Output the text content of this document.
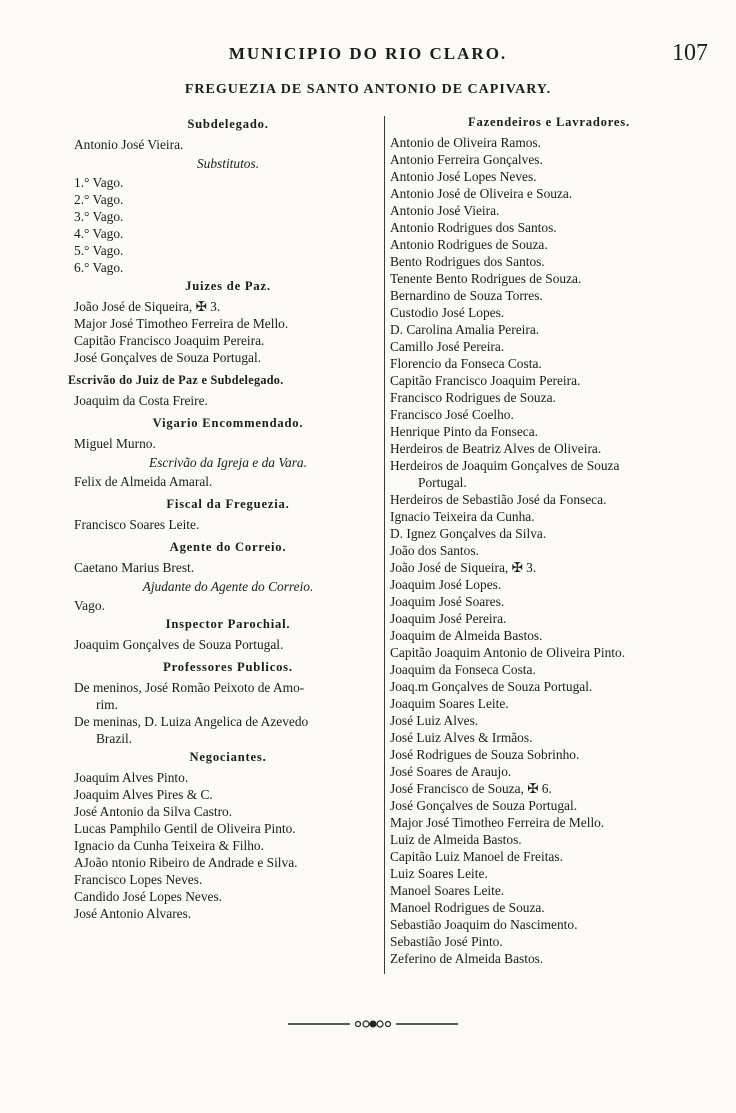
MUNICIPIO DO RIO CLARO.	107
FREGUEZIA DE SANTO ANTONIO DE CAPIVARY.
Subdelegado.
Antonio José Vieira.
Substitutos.
1.° Vago.
2.° Vago.
3.° Vago.
4.° Vago.
5.° Vago.
6.° Vago.
Juizes de Paz.
João José de Siqueira, ✠ 3.
Major José Timotheo Ferreira de Mello.
Capitão Francisco Joaquim Pereira.
José Gonçalves de Souza Portugal.
Escrivão do Juiz de Paz e Subdelegado.
Joaquim da Costa Freire.
Vigario Encommendado.
Miguel Murno.
Escrivão da Igreja e da Vara.
Felix de Almeida Amaral.
Fiscal da Freguezia.
Francisco Soares Leite.
Agente do Correio.
Caetano Marius Brest.
Ajudante do Agente do Correio.
Vago.
Inspector Parochial.
Joaquim Gonçalves de Souza Portugal.
Professores Publicos.
De meninos, José Romão Peixoto de Amo-
rim.
De meninas, D. Luiza Angelica de Azevedo
Brazil.
Negociantes.
Joaquim Alves Pinto.
Joaquim Alves Pires & C.
José Antonio da Silva Castro.
Lucas Pamphilo Gentil de Oliveira Pinto.
Ignacio da Cunha Teixeira & Filho.
AJoão ntonio Ribeiro de Andrade e Silva.
Francisco Lopes Neves.
Candido José Lopes Neves.
José Antonio Alvares.
Fazendeiros e Lavradores.
Antonio de Oliveira Ramos.
Antonio Ferreira Gonçalves.
Antonio José Lopes Neves.
Antonio José de Oliveira e Souza.
Antonio José Vieira.
Antonio Rodrigues dos Santos.
Antonio Rodrigues de Souza.
Bento Rodrigues dos Santos.
Tenente Bento Rodrigues de Souza.
Bernardino de Souza Torres.
Custodio José Lopes.
D. Carolina Amalia Pereira.
Camillo José Pereira.
Florencio da Fonseca Costa.
Capitão Francisco Joaquim Pereira.
Francisco Rodrigues de Souza.
Francisco José Coelho.
Henrique Pinto da Fonseca.
Herdeiros de Beatriz Alves de Oliveira.
Herdeiros de Joaquim Gonçalves de Souza
Portugal.
Herdeiros de Sebastião José da Fonseca.
Ignacio Teixeira da Cunha.
D. Ignez Gonçalves da Silva.
João dos Santos.
João José de Siqueira, ✠ 3.
Joaquim José Lopes.
Joaquim José Soares.
Joaquim José Pereira.
Joaquim de Almeida Bastos.
Capitão Joaquim Antonio de Oliveira Pinto.
Joaquim da Fonseca Costa.
Joaq.m Gonçalves de Souza Portugal.
Joaquim Soares Leite.
José Luiz Alves.
José Luiz Alves & Irmãos.
José Rodrigues de Souza Sobrinho.
José Soares de Araujo.
José Francisco de Souza, ✠ 6.
José Gonçalves de Souza Portugal.
Major José Timotheo Ferreira de Mello.
Luiz de Almeida Bastos.
Capitão Luiz Manoel de Freitas.
Luiz Soares Leite.
Manoel Soares Leite.
Manoel Rodrigues de Souza.
Sebastião Joaquim do Nascimento.
Sebastião José Pinto.
Zeferino de Almeida Bastos.
